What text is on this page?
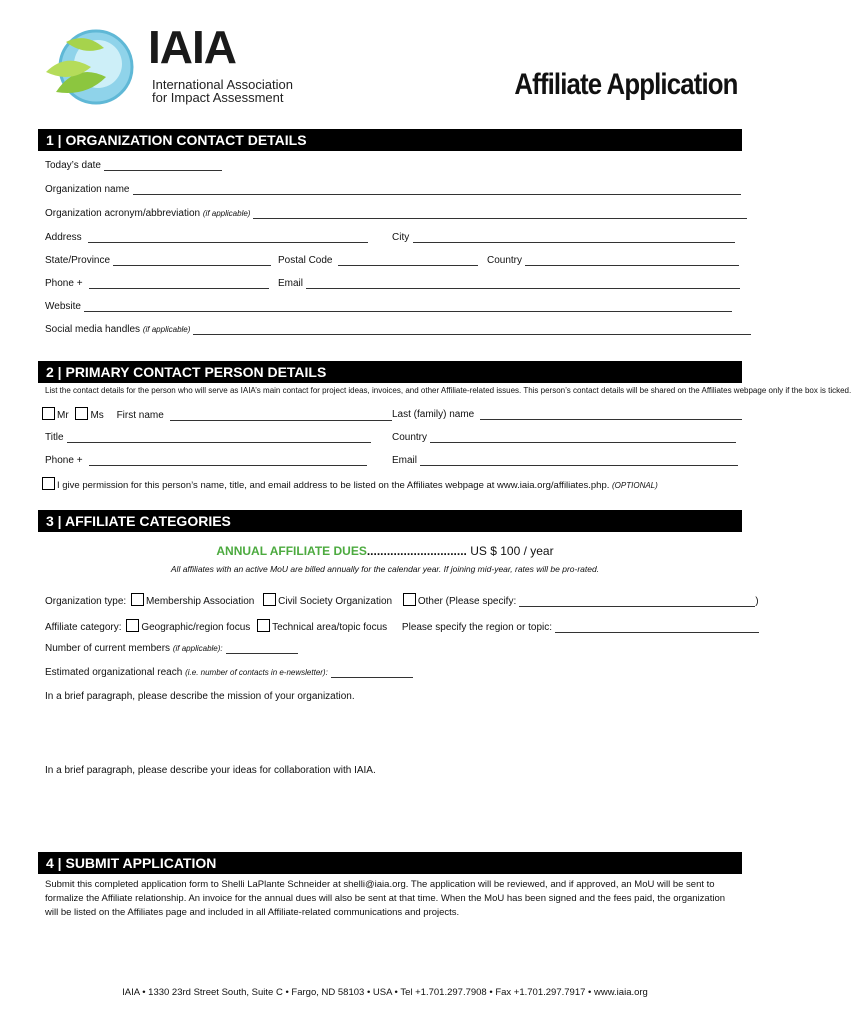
IAIA
International Association
for Impact Assessment	Affiliate Application
1 | ORGANIZATION CONTACT DETAILS
Today’s date
Organization name
Organization acronym/abbreviation (if applicable)
Address	City
State/Province	Postal Code	Country
Phone +	Email
Website
Social media handles (if applicable)
2 | PRIMARY CONTACT PERSON DETAILS
List the contact details for the person who will serve as IAIA’s main contact for project ideas, invoices, and other Affiliate-related issues. This person’s contact details will be shared on the Affiliates webpage only if the box is ticked.
Mr Ms First name	Last (family) name
Title	Country
Phone +	Email
I give permission for this person’s name, title, and email address to be listed on the Affiliates webpage at www.iaia.org/affiliates.php. (OPTIONAL)
3 | AFFILIATE CATEGORIES
ANNUAL AFFILIATE DUES.............................. US $ 100 / year
All affiliates with an active MoU are billed annually for the calendar year. If joining mid-year, rates will be pro-rated.
Organization type: Membership Association Civil Society Organization	Other (Please specify:	)
Affiliate category: Geographic/region focus Technical area/topic focus Please specify the region or topic:
Number of current members (if applicable):
Estimated organizational reach (i.e. number of contacts in e-newsletter):
In a brief paragraph, please describe the mission of your organization.
In a brief paragraph, please describe your ideas for collaboration with IAIA.
4 | SUBMIT APPLICATION
Submit this completed application form to Shelli LaPlante Schneider at shelli@iaia.org. The application will be reviewed, and if approved, an MoU will be sent to formalize the Affiliate relationship. An invoice for the annual dues will also be sent at that time. When the MoU has been signed and the fees paid, the organization will be listed on the Affiliates page and included in all Affiliate-related communications and projects.
IAIA • 1330 23rd Street South, Suite C • Fargo, ND 58103 • USA • Tel +1.701.297.7908 • Fax +1.701.297.7917 • www.iaia.org
